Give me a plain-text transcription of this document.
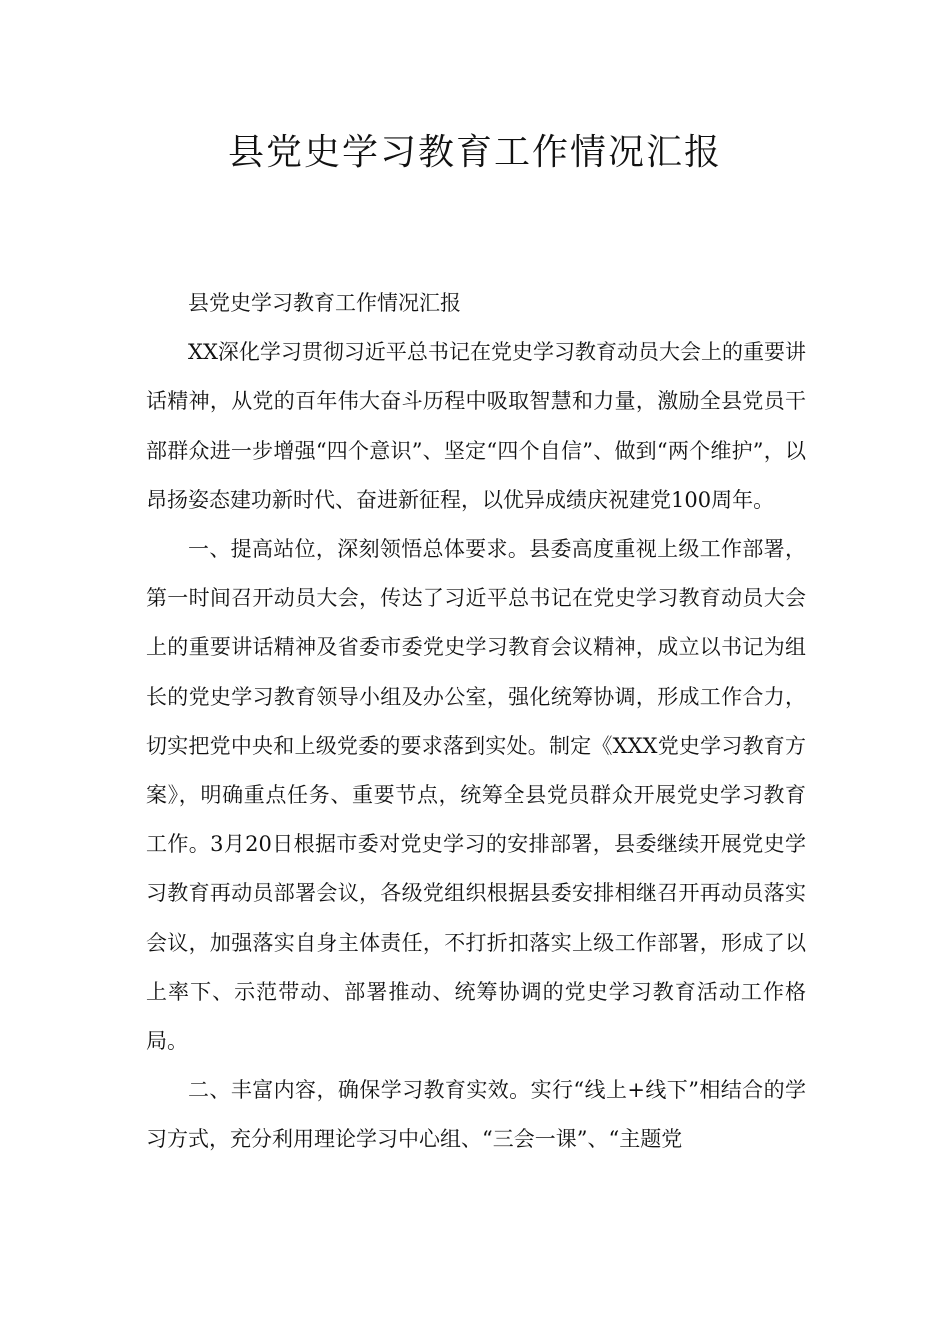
县党史学习教育工作情况汇报

县党史学习教育工作情况汇报

XX深化学习贯彻习近平总书记在党史学习教育动员大会上的重要讲话精神，从党的百年伟大奋斗历程中吸取智慧和力量，激励全县党员干部群众进一步增强“四个意识”、坚定“四个自信”、做到“两个维护”，以昂扬姿态建功新时代、奋进新征程，以优异成绩庆祝建党100周年。

一、提高站位，深刻领悟总体要求。县委高度重视上级工作部署，第一时间召开动员大会，传达了习近平总书记在党史学习教育动员大会上的重要讲话精神及省委市委党史学习教育会议精神，成立以书记为组长的党史学习教育领导小组及办公室，强化统筹协调，形成工作合力，切实把党中央和上级党委的要求落到实处。制定《XXX党史学习教育方案》，明确重点任务、重要节点，统筹全县党员群众开展党史学习教育工作。3月20日根据市委对党史学习的安排部署，县委继续开展党史学习教育再动员部署会议，各级党组织根据县委安排相继召开再动员落实会议，加强落实自身主体责任，不打折扣落实上级工作部署，形成了以上率下、示范带动、部署推动、统筹协调的党史学习教育活动工作格局。

二、丰富内容，确保学习教育实效。实行“线上+线下”相结合的学习方式，充分利用理论学习中心组、“三会一课”、“主题党
